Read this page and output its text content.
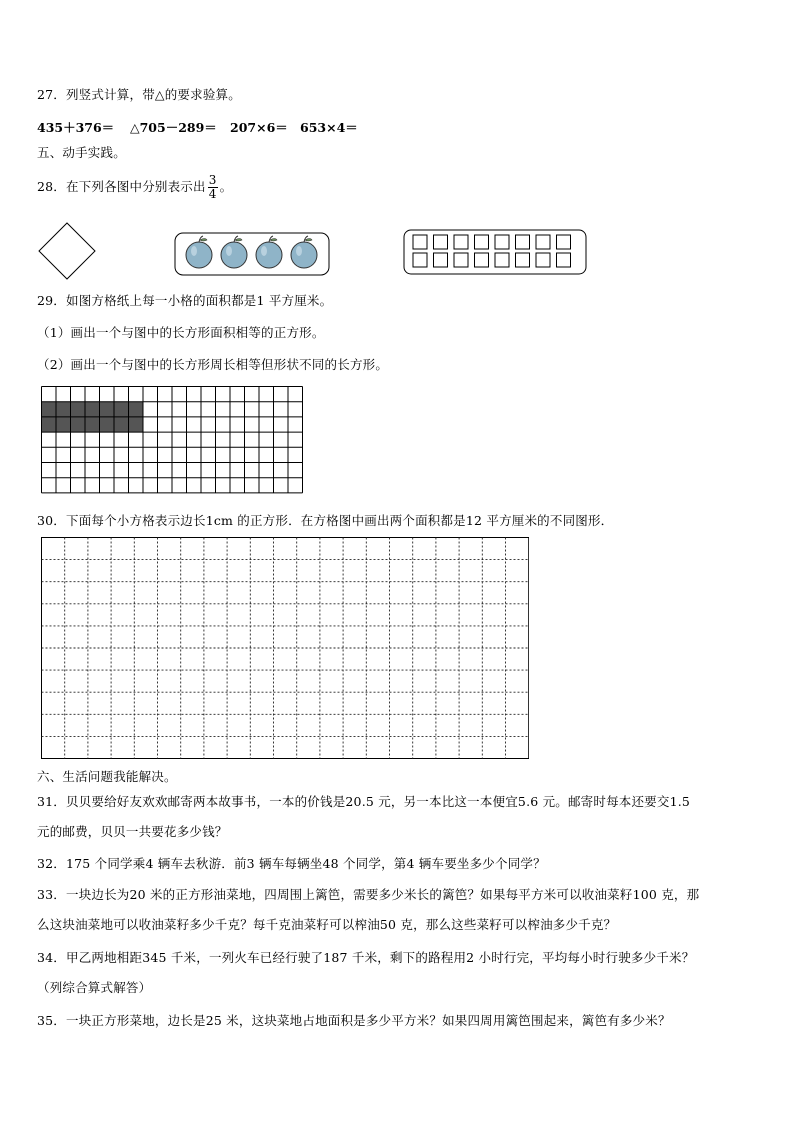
27．列竖式计算，带△的要求验算。
435＋376＝ △705－289＝ 207×6＝ 653×4＝
五、动手实践。
28．在下列各图中分别表示出 $\frac{3}{4}$ 。
29．如图方格纸上每一小格的面积都是1 平方厘米。
（1）画出一个与图中的长方形面积相等的正方形。
（2）画出一个与图中的长方形周长相等但形状不同的长方形。
30．下面每个小方格表示边长1cm 的正方形．在方格图中画出两个面积都是12 平方厘米的不同图形．
六、生活问题我能解决。
31．贝贝要给好友欢欢邮寄两本故事书，一本的价钱是20.5 元，另一本比这一本便宜5.6 元。邮寄时每本还要交1.5
元的邮费，贝贝一共要花多少钱？
32．175 个同学乘4 辆车去秋游．前3 辆车每辆坐48 个同学，第4 辆车要坐多少个同学？
33．一块边长为20 米的正方形油菜地，四周围上篱笆，需要多少米长的篱笆？如果每平方米可以收油菜籽100 克，那
么这块油菜地可以收油菜籽多少千克？每千克油菜籽可以榨油50 克，那么这些菜籽可以榨油多少千克？
34．甲乙两地相距345 千米，一列火车已经行驶了187 千米，剩下的路程用2 小时行完，平均每小时行驶多少千米？
（列综合算式解答）
35．一块正方形菜地，边长是25 米，这块菜地占地面积是多少平方米？如果四周用篱笆围起来，篱笆有多少米？
